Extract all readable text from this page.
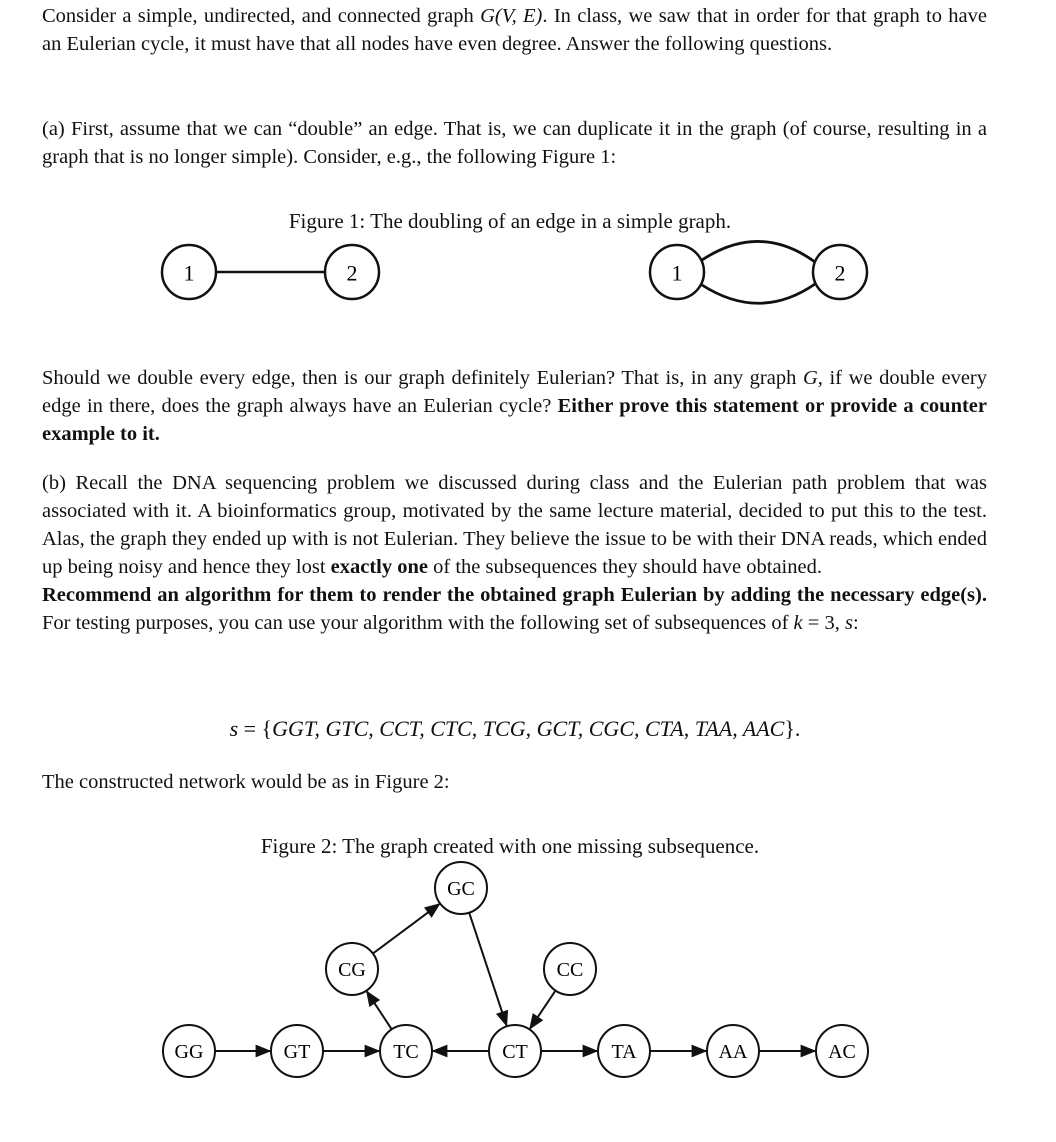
Consider a simple, undirected, and connected graph G(V, E). In class, we saw that in order for that graph to have an Eulerian cycle, it must have that all nodes have even degree. Answer the following questions.

(a) First, assume that we can “double” an edge. That is, we can duplicate it in the graph (of course, resulting in a graph that is no longer simple). Consider, e.g., the following Figure 1:

Figure 1: The doubling of an edge in a simple graph.
1	2	1	2

Should we double every edge, then is our graph definitely Eulerian? That is, in any graph G, if we double every edge in there, does the graph always have an Eulerian cycle? Either prove this statement or provide a counter example to it.

(b) Recall the DNA sequencing problem we discussed during class and the Eulerian path problem that was associated with it. A bioinformatics group, motivated by the same lecture material, decided to put this to the test. Alas, the graph they ended up with is not Eulerian. They believe the issue to be with their DNA reads, which ended up being noisy and hence they lost exactly one of the subsequences they should have obtained.
Recommend an algorithm for them to render the obtained graph Eulerian by adding the necessary edge(s). For testing purposes, you can use your algorithm with the following set of subsequences of k = 3, s:

s = {GGT, GTC, CCT, CTC, TCG, GCT, CGC, CTA, TAA, AAC}.

The constructed network would be as in Figure 2:

Figure 2: The graph created with one missing subsequence.
GG	GT	TC	CT	TA	AA	AC
CG
GC
CC
